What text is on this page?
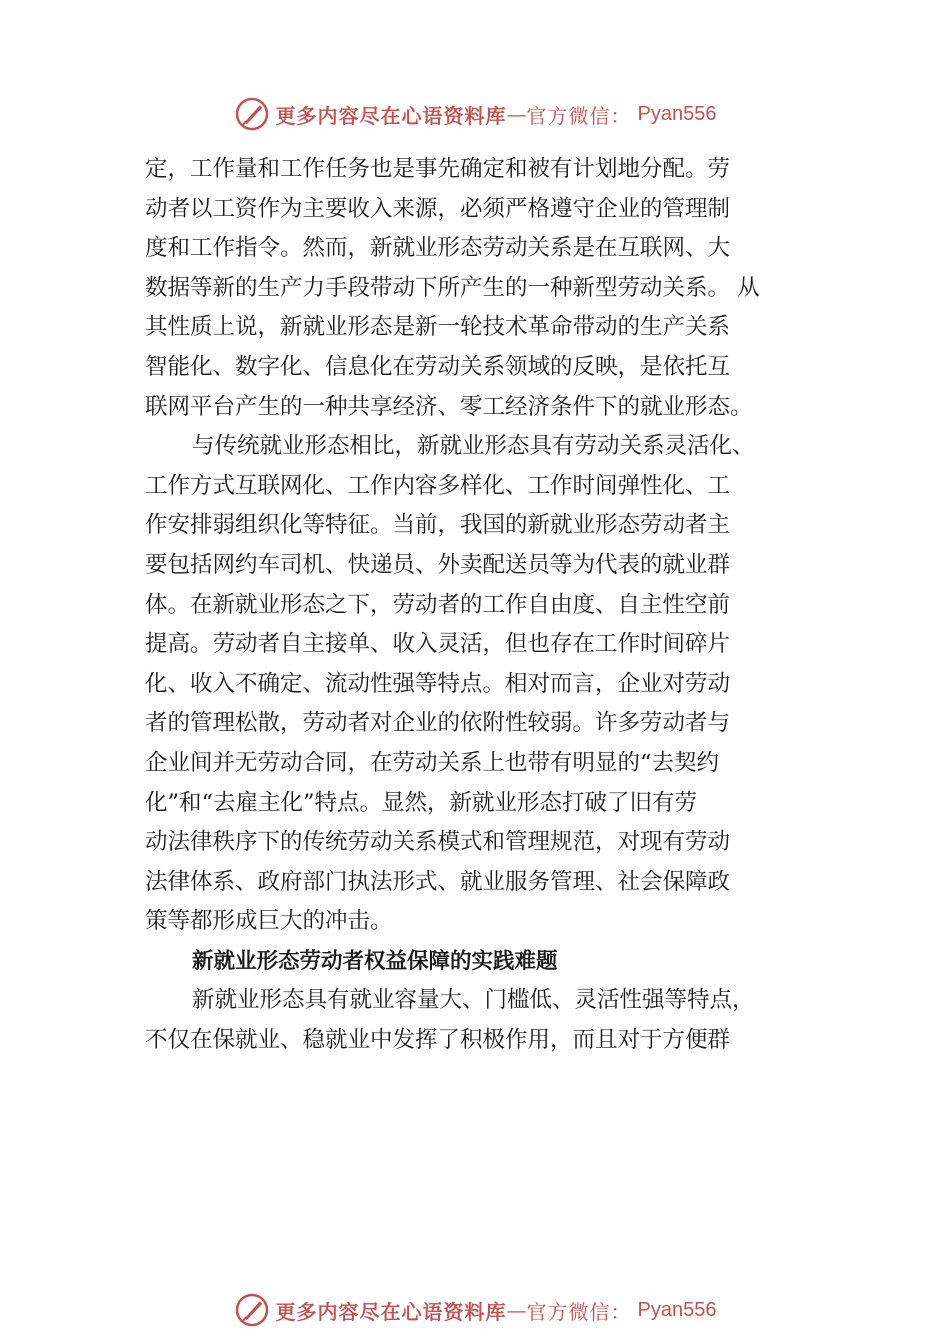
更多内容尽在心语资料库 — 官方微信： Pyan556
定，工作量和工作任务也是事先确定和被有计划地分配。劳
动者以工资作为主要收入来源，必须严格遵守企业的管理制
度和工作指令。然而，新就业形态劳动关系是在互联网、大
数据等新的生产力手段带动下所产生的一种新型劳动关系。 从
其性质上说，新就业形态是新一轮技术革命带动的生产关系
智能化、数字化、信息化在劳动关系领域的反映，是依托互
联网平台产生的一种共享经济、零工经济条件下的就业形态。
与传统就业形态相比，新就业形态具有劳动关系灵活化、
工作方式互联网化、工作内容多样化、工作时间弹性化、工
作安排弱组织化等特征。当前，我国的新就业形态劳动者主
要包括网约车司机、快递员、外卖配送员等为代表的就业群
体。在新就业形态之下，劳动者的工作自由度、自主性空前
提高。劳动者自主接单、收入灵活，但也存在工作时间碎片
化、收入不确定、流动性强等特点。相对而言，企业对劳动
者的管理松散，劳动者对企业的依附性较弱。许多劳动者与
企业间并无劳动合同，在劳动关系上也带有明显的“去契约
化”和“去雇主化”特点。显然，新就业形态打破了旧有劳
动法律秩序下的传统劳动关系模式和管理规范，对现有劳动
法律体系、政府部门执法形式、就业服务管理、社会保障政
策等都形成巨大的冲击。
新就业形态劳动者权益保障的实践难题
新就业形态具有就业容量大、门槛低、灵活性强等特点，
不仅在保就业、稳就业中发挥了积极作用，而且对于方便群
更多内容尽在心语资料库 — 官方微信： Pyan556
